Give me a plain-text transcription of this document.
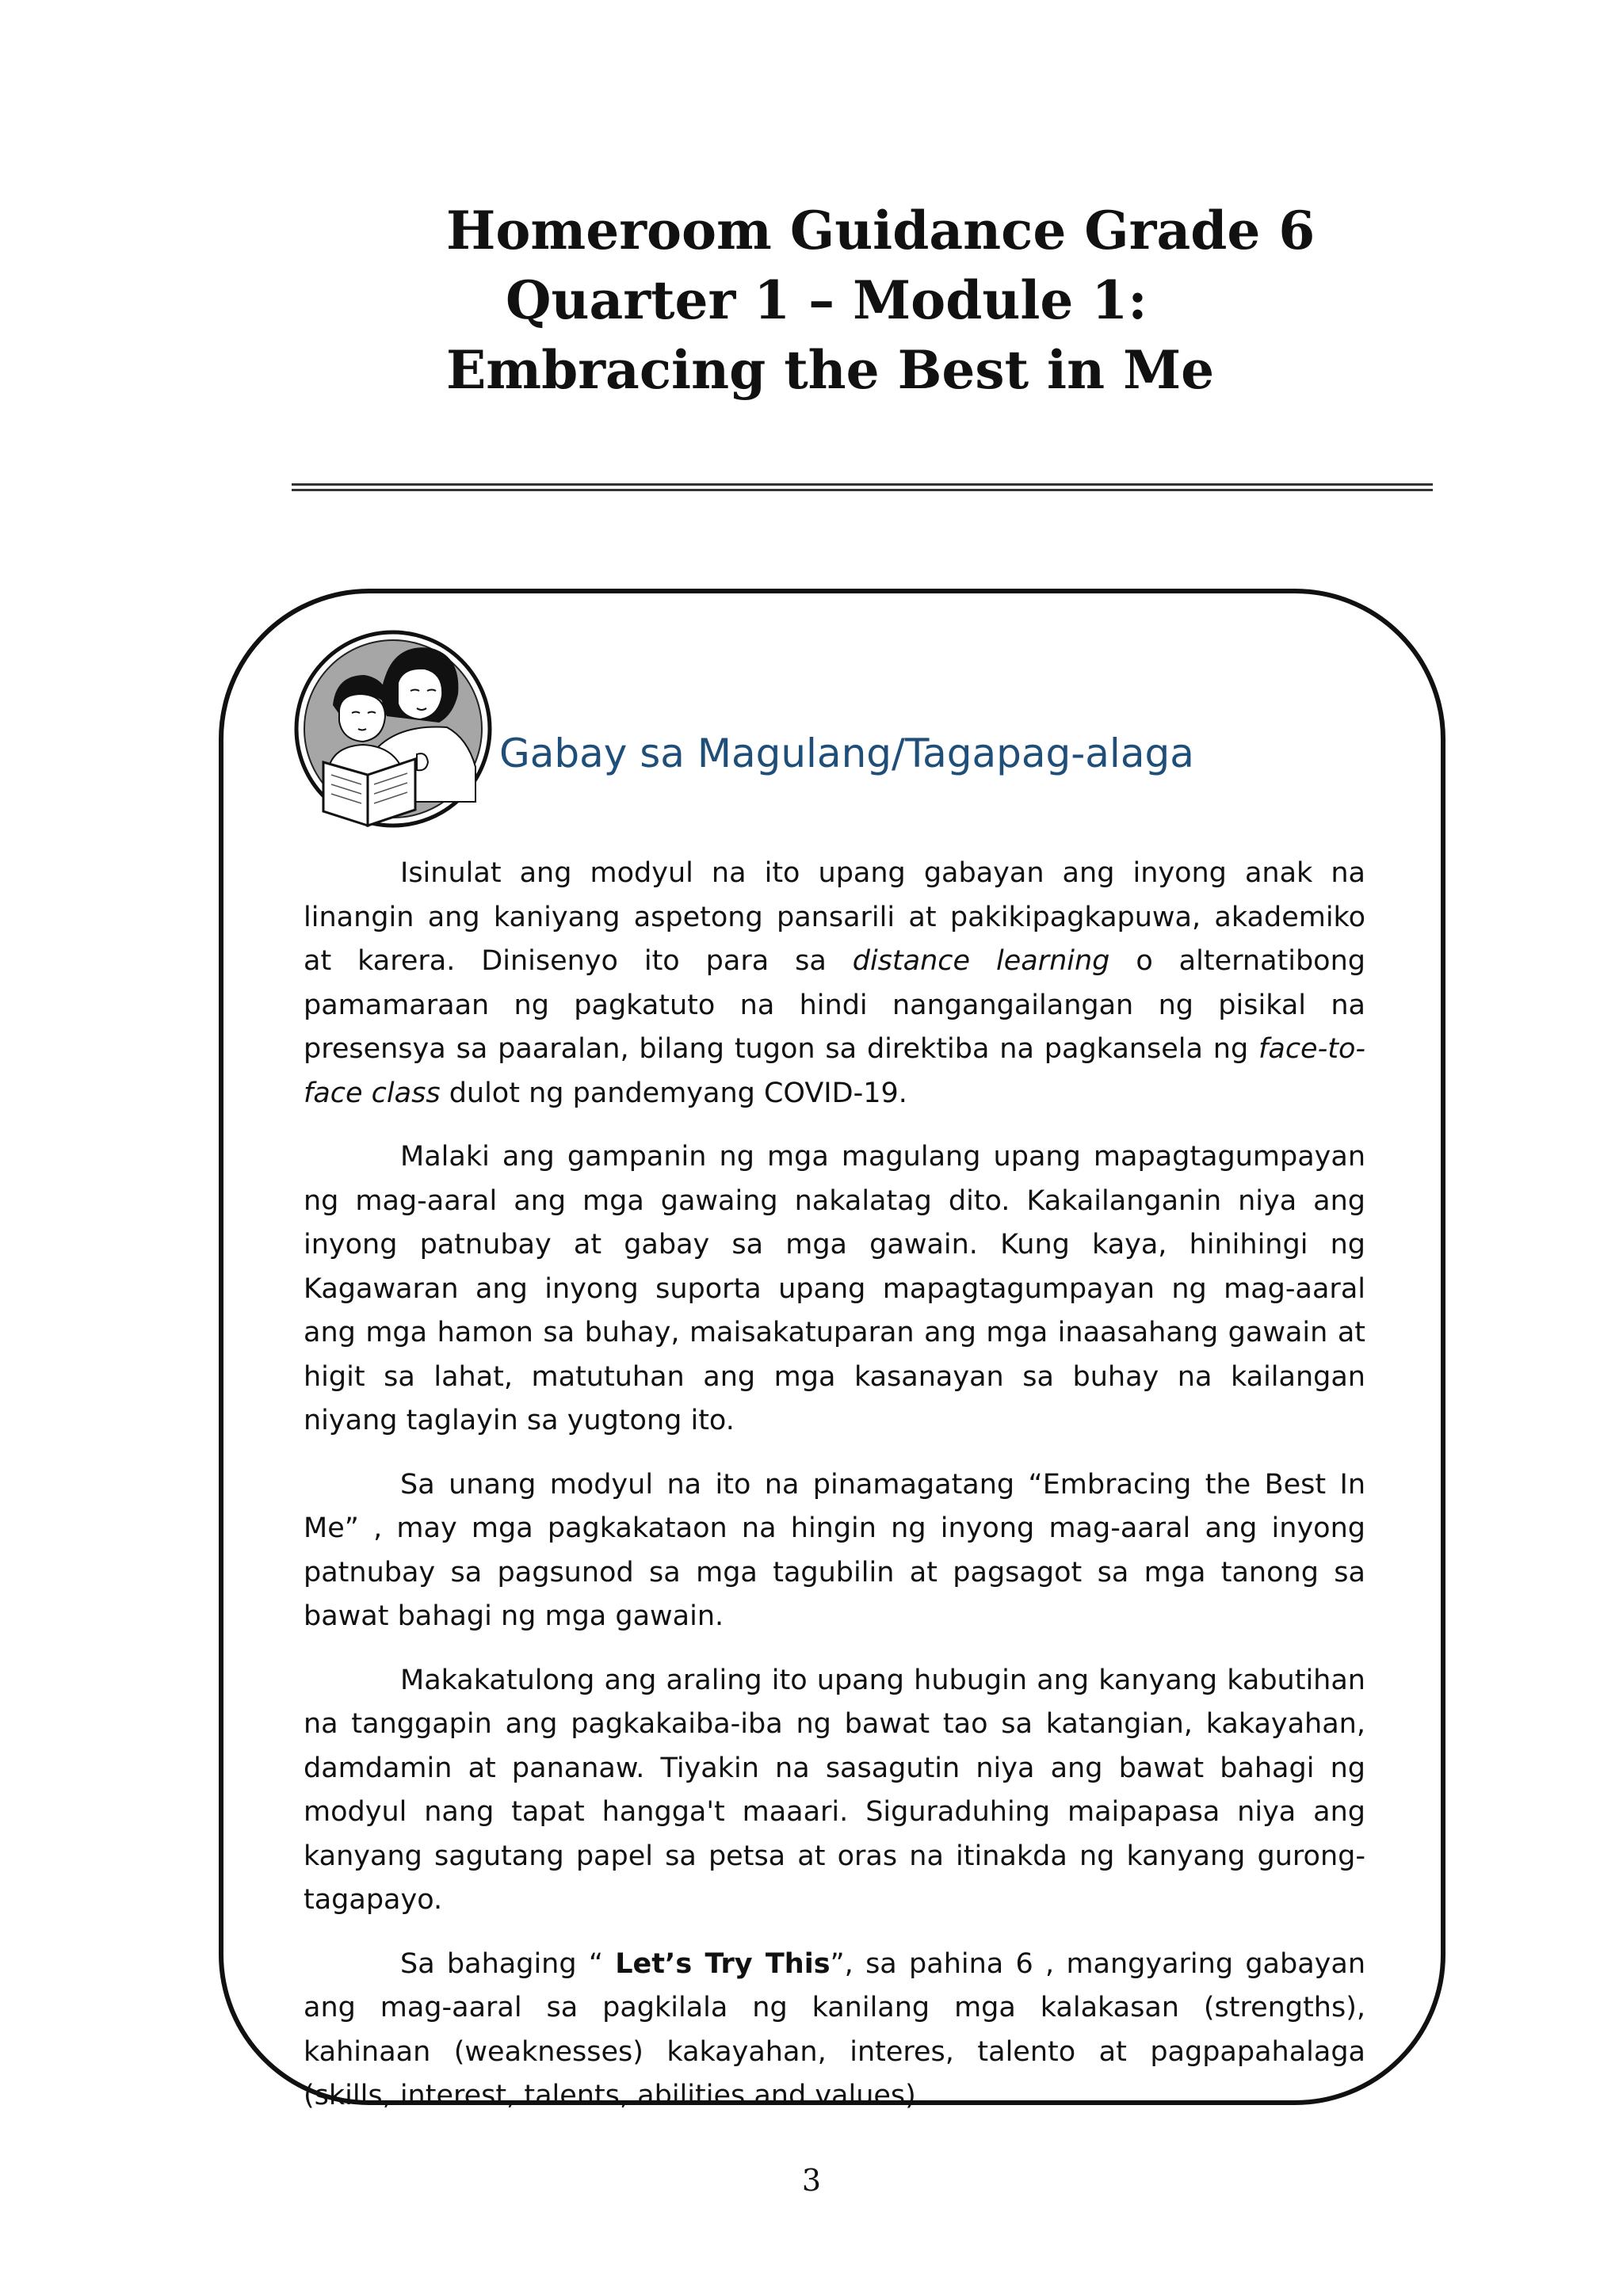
Homeroom Guidance Grade 6
Quarter 1 – Module 1:
Embracing the Best in Me
Gabay sa Magulang/Tagapag-alaga

Isinulat ang modyul na ito upang gabayan ang inyong anak na linangin ang kaniyang aspetong pansarili at pakikipagkapuwa, akademiko at karera. Dinisenyo ito para sa distance learning o alternatibong pamamaraan ng pagkatuto na hindi nangangailangan ng pisikal na presensya sa paaralan, bilang tugon sa direktiba na pagkansela ng face-to-face class dulot ng pandemyang COVID-19.

Malaki ang gampanin ng mga magulang upang mapagtagumpayan ng mag-aaral ang mga gawaing nakalatag dito. Kakailanganin niya ang inyong patnubay at gabay sa mga gawain. Kung kaya, hinihingi ng Kagawaran ang inyong suporta upang mapagtagumpayan ng mag-aaral ang mga hamon sa buhay, maisakatuparan ang mga inaasahang gawain at higit sa lahat, matutuhan ang mga kasanayan sa buhay na kailangan niyang taglayin sa yugtong ito.

Sa unang modyul na ito na pinamagatang “Embracing the Best In Me” , may mga pagkakataon na hingin ng inyong mag-aaral ang inyong patnubay sa pagsunod sa mga tagubilin at pagsagot sa mga tanong sa bawat bahagi ng mga gawain.

Makakatulong ang araling ito upang hubugin ang kanyang kabutihan na tanggapin ang pagkakaiba-iba ng bawat tao sa katangian, kakayahan, damdamin at pananaw. Tiyakin na sasagutin niya ang bawat bahagi ng modyul nang tapat hangga't maaari. Siguraduhing maipapasa niya ang kanyang sagutang papel sa petsa at oras na itinakda ng kanyang gurong-tagapayo.

Sa bahaging “ Let’s Try This”, sa pahina 6 , mangyaring gabayan ang mag-aaral sa pagkilala ng kanilang mga kalakasan (strengths), kahinaan (weaknesses) kakayahan, interes, talento at pagpapahalaga (skills, interest, talents, abilities and values).

3
